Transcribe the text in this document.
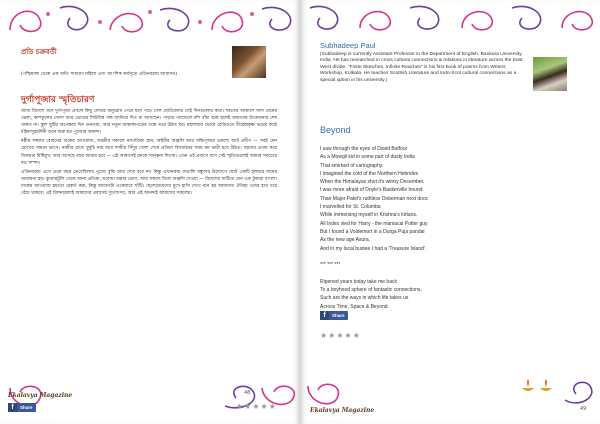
প্রতি চক্রবর্তী
(পশ্চিমবঙ্গ থেকে এক অতি সাধারণ মহিলা এবং আংশিক কর্মসূত্রে এডিনবরায় আবাসন)
দুর্গাপূজার স্মৃতিচারণ

আজ বিদেশে বসে দুর্গাপূজা প্রসঙ্গে কিছু লেখার অনুরোধ পেয়ে মনে পড়ে গেল ছোটবেলার সেই দিনগুলোর কথা। শরতের আকাশে সাদা মেঘের ভেলা, কাশফুলের দোলা আর ভোরের শিউলির গন্ধ জানিয়ে দিত মা আসছেন। পাড়ার প্যান্ডেলে বাঁশ বাঁধা শুরু হলেই আমাদের উত্তেজনার শেষ থাকত না। স্কুল ছুটির অপেক্ষায় দিন গুনতাম, আর নতুন জামাকাপড়ের গন্ধে ভরে উঠত ঘর। মহালয়ার ভোরে রেডিওতে বীরেন্দ্রকৃষ্ণ ভদ্রের কণ্ঠে মহিষাসুরমর্দিনী শুনে শুরু হত পুজোর আনন্দ।

ষষ্ঠীর সন্ধ্যায় বোধনের ঢাকের আওয়াজ, সপ্তমীর সকালে নবপত্রিকা স্নান, অষ্টমীর অঞ্জলি আর সন্ধিপূজার একশো আট প্রদীপ — সবই যেন চোখের সামনে ভাসে। নবমীর রাতে ধুনুচি নাচ আর দশমীর সিঁদুর খেলা শেষে প্রতিমা বিসর্জনের সময় মন ভারী হয়ে উঠত। বড়দের প্রণাম করে বিজয়ার মিষ্টিমুখ, আর আসছে বছর আবার হবে — এই আশ্বাসেই মনকে সান্ত্বনা দিতাম। এখন এই প্রবাসে বসে সেই স্মৃতিগুলোই আমার সবচেয়ে বড় সম্পদ।

এডিনবরায় এসে প্রথম বছর ভেবেছিলাম পুজো বুঝি আর দেখা হবে না। কিন্তু এখানকার বাঙালি বন্ধুদের উদ্যোগে ছোট একটি হলঘরে মায়ের আরাধনা হয়। কুমোরটুলি থেকে আনা প্রতিমা, ঘরোয়া রান্নার ভোগ, আর সকলে মিলে অঞ্জলি দেওয়া — বিদেশের মাটিতে যেন এক টুকরো বাংলা। ঢাকের আওয়াজ হয়তো রেকর্ড করা, কিন্তু আবেগটা একেবারে খাঁটি। ছেলেমেয়েদের মুখে হাসি দেখে মনে হয় আমাদের ঐতিহ্য ওদের হাত ধরে বেঁচে থাকবে। এই মিলনমেলাই আমাদের প্রবাসের দুর্গোৎসব, আর এই আনন্দই আমাদের সকলের।

Ekalavya Magazine
f	Share
48
★★★★★
Subhadeep Paul
(Subhadeep is currently Assistant Professor in the Department of English, Bankura University, India. He has researched in cross cultural connections & relations in literature across the East West divide. "Finite Sketches, Infinite Reaches" is his first book of poems from Writers Workshop, Kolkata. He teaches Scottish Literature and Indo-Scot cultural connections as a special option in his university.)
Beyond
I saw through the eyes of David Balfour
As a Mowgli kid in some part of dusty India
That smirked of cartography.
I imagined the cold of the Northern Hebrides
When the Himalayas shot it's wintry December.
I was more afraid of Doyle's Baskerville hound
Than Major Patel's ruthless Doberman next door.
I marvelled for St. Columba
While immersing myself in Krishna's kirtans.
All Indes vied for Harry - the maniacal Potter guy
But I found a Voldemort in a Durga Puja pandal
As the new age Asura,
And in my local bustee I had a 'Treasure Island'.
*** *** ***
Ripened years today take me back
To a boyhood sphere of fantastic connections,
Such are the ways in which life takes us
Across Time, Space & Beyond.
f	Share
★★★★★
Ekalavya Magazine	49
